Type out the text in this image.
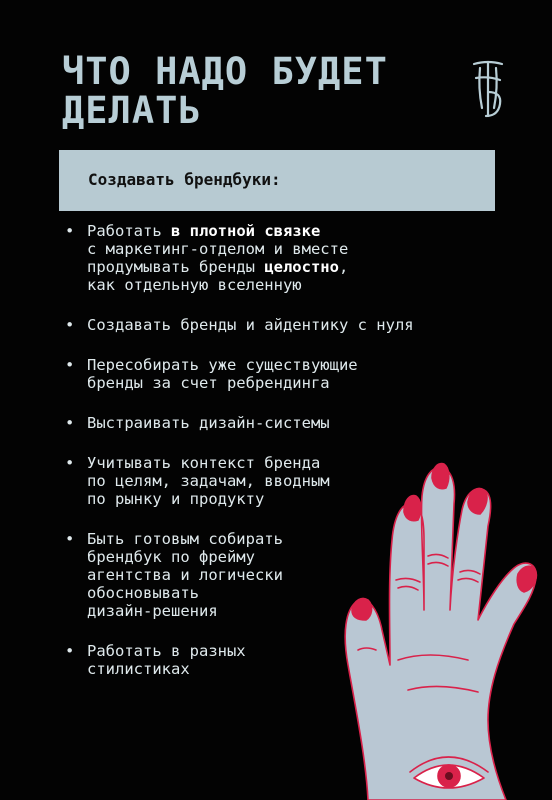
ЧТО НАДО БУДЕТ
ДЕЛАТЬ
Создавать брендбуки:
• Работать в плотной связке
с маркетинг-отделом и вместе
продумывать бренды целостно,
как отдельную вселенную
• Создавать бренды и айдентику с нуля
• Пересобирать уже существующие
бренды за счет ребрендинга
• Выстраивать дизайн-системы
• Учитывать контекст бренда
по целям, задачам, вводным
по рынку и продукту
• Быть готовым собирать
брендбук по фрейму
агентства и логически
обосновывать
дизайн-решения
• Работать в разных
стилистиках
